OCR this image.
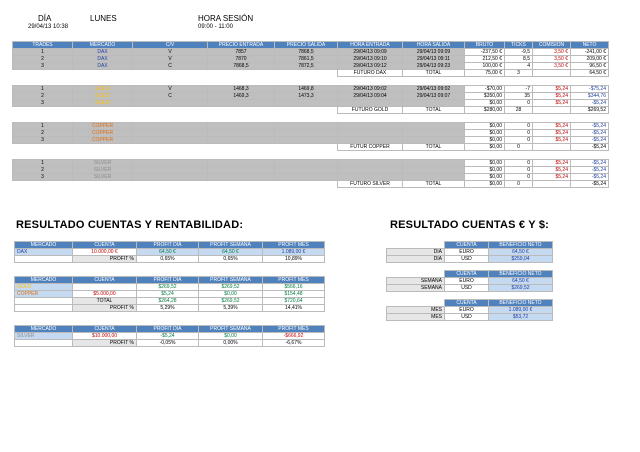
DÍA	LUNES
29/04/13 10:38
HORA SESIÓN
09:00 - 11:00
TRADES	MERCADO	C/V	PRECIO ENTRADA	PRECIO SALIDA	HORA ENTRADA	HORA SALIDA	BRUTO	TICKS	COMISION	NETO
1	DAX	V	7857	7868,5	29/04/13 09:09	29/04/13 09:09	-237,50 €	-9,5	3,50 €	-241,00 €
2	DAX	V	7870	7861,5	29/04/13 09:10	29/04/13 09:11	212,50 €	8,5	3,50 €	209,00 €
3	DAX	C	7868,5	7872,5	29/04/13 09:12	29/04/13 09:23	100,00 €	4	3,50 €	96,50 €
					FUTURO DAX	TOTAL	75,00 €	3		64,50 €

1	GOLD	V	1468,3	1469,8	29/04/13 09:02	29/04/13 09:02	-$70,00	-7	$5,24	-$75,24
2	GOLD	C	1469,3	1473,3	29/04/13 09:04	29/04/13 09:07	$350,00	35	$5,24	$344,76
3	GOLD						$0,00	0	$5,24	-$5,24
					FUTURO GOLD	TOTAL	$280,00	28		$269,52

1	COPPER						$0,00	0	$5,24	-$5,24
2	COPPER						$0,00	0	$5,24	-$5,24
3	COPPER						$0,00	0	$5,24	-$5,24
					FUTUR COPPER	TOTAL	$0,00	0		-$5,24

1	SILVER						$0,00	0	$5,24	-$5,24
2	SILVER						$0,00	0	$5,24	-$5,24
3	SILVER						$0,00	0	$5,24	-$5,24
					FUTURO SILVER	TOTAL	$0,00	0		-$5,24
RESULTADO CUENTAS Y RENTABILIDAD:	RESULTADO CUENTAS € Y $:
MERCADO	CUENTA	PROFIT DÍA	PROFIT SEMANA	PROFIT MES
DAX	10.000,00 €	64,50 €	64,50 €	1.089,00 €
	PROFIT %	0,65%	0,65%	10,89%
MERCADO	CUENTA	PROFIT DÍA	PROFIT SEMANA	PROFIT MES
GOLD		$269,52	$269,52	$566,16
COPPER	$5.000,00	$5,24	$0,00	$154,48
	TOTAL	$264,28	$269,52	$720,64
	PROFIT %	5,29%	5,39%	14,41%
MERCADO	CUENTA	PROFIT DÍA	PROFIT SEMANA	PROFIT MES
SILVER	$10.000,00	-$5,24	$0,00	-$666,92
	PROFIT %	-0,05%	0,00%	-6,67%
	CUENTA	BENEFICIO NETO
DÍA	EURO	64,50 €
DÍA	USD	$259,04

	CUENTA	BENEFICIO NETO
SEMANA	EURO	64,50 €
SEMANA	USD	$269,52

	CUENTA	BENEFICIO NETO
MES	EURO	1.089,00 €
MES	USD	$53,72
